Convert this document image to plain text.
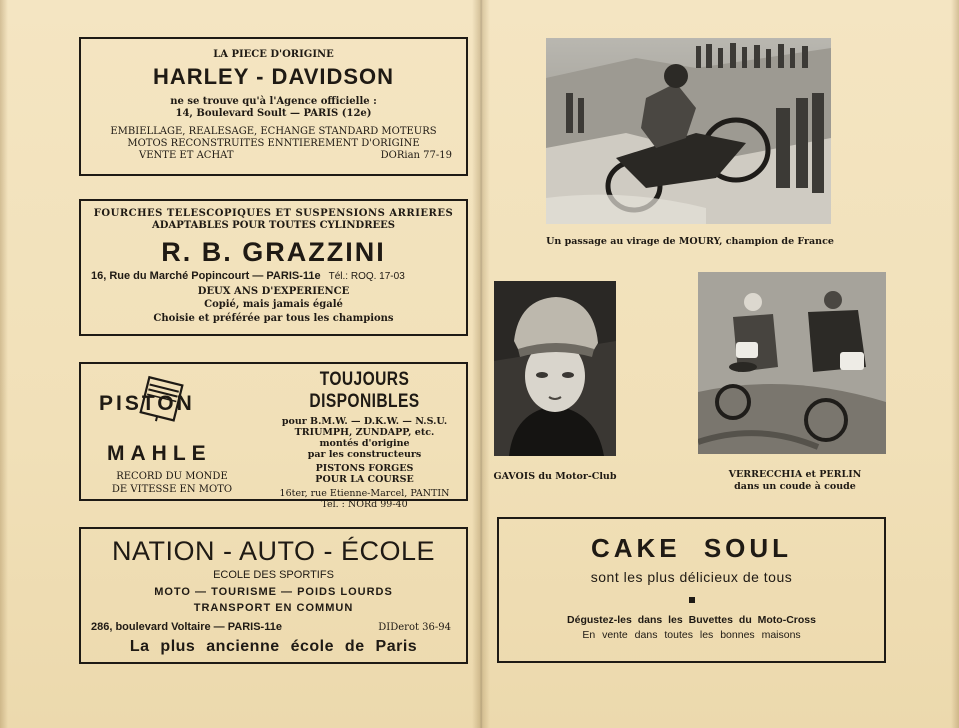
LA PIECE D'ORIGINE
HARLEY - DAVIDSON
ne se trouve qu'à l'Agence officielle :
14, Boulevard Soult — PARIS (12e)
EMBIELLAGE, REALESAGE, ECHANGE STANDARD MOTEURS
MOTOS RECONSTRUITES ENNTIEREMENT D'ORIGINE
VENTE ET ACHAT	DORian 77-19
FOURCHES TELESCOPIQUES ET SUSPENSIONS ARRIERES
ADAPTABLES POUR TOUTES CYLINDREES
R. B. GRAZZINI
16, Rue du Marché Popincourt — PARIS-11e Tél.: ROQ. 17-03
DEUX ANS D'EXPERIENCE
Copié, mais jamais égalé
Choisie et préférée par tous les champions
PISTON
MAHLE
RECORD DU MONDE
DE VITESSE EN MOTO
TOUJOURS DISPONIBLES
pour B.M.W. — D.K.W. — N.S.U.
TRIUMPH, ZUNDAPP, etc.
montés d'origine
par les constructeurs
PISTONS FORGES
POUR LA COURSE
16ter, rue Etienne-Marcel, PANTIN
Tél. : NORd 99-40
NATION - AUTO - ÉCOLE
ECOLE DES SPORTIFS
MOTO — TOURISME — POIDS LOURDS
TRANSPORT EN COMMUN
286, boulevard Voltaire — PARIS-11e	DIDerot 36-94
La plus ancienne école de Paris
Un passage au virage de MOURY, champion de France
GAVOIS du Motor-Club	VERRECCHIA et PERLIN
dans un coude à coude
CAKE SOUL
sont les plus délicieux de tous
Dégustez-les dans les Buvettes du Moto-Cross
En vente dans toutes les bonnes maisons
